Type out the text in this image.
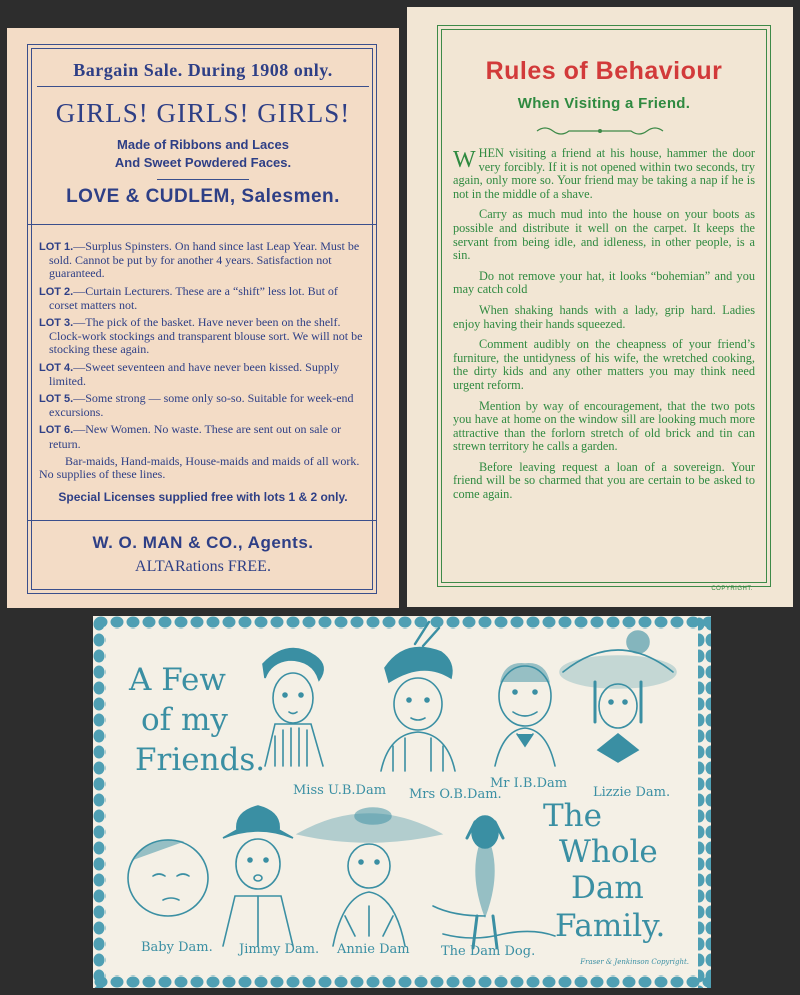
Bargain Sale. During 1908 only.
GIRLS! GIRLS! GIRLS!
Made of Ribbons and Laces
And Sweet Powdered Faces.
LOVE & CUDLEM, Salesmen.
LOT 1.—Surplus Spinsters. On hand since last Leap Year. Must be sold. Cannot be put by for another 4 years. Satisfaction not guaranteed.
LOT 2.—Curtain Lecturers. These are a “shift” less lot. But of corset matters not.
LOT 3.—The pick of the basket. Have never been on the shelf. Clock-work stockings and transparent blouse sort. We will not be stocking these again.
LOT 4.—Sweet seventeen and have never been kissed. Supply limited.
LOT 5.—Some strong — some only so-so. Suitable for week-end excursions.
LOT 6.—New Women. No waste. These are sent out on sale or return.
Bar-maids, Hand-maids, House-maids and maids of all work. No supplies of these lines.
Special Licenses supplied free with lots 1 & 2 only.
W. O. MAN & CO., Agents.
ALTARations FREE.
Rules of Behaviour
When Visiting a Friend.

WHEN visiting a friend at his house, hammer the door very forcibly. If it is not opened within two seconds, try again, only more so. Your friend may be taking a nap if he is not in the middle of a shave.

Carry as much mud into the house on your boots as possible and distribute it well on the carpet. It keeps the servant from being idle, and idleness, in other people, is a sin.

Do not remove your hat, it looks “bohemian” and you may catch cold

When shaking hands with a lady, grip hard. Ladies enjoy having their hands squeezed.

Comment audibly on the cheapness of your friend’s furniture, the untidyness of his wife, the wretched cooking, the dirty kids and any other matters you may think need urgent reform.

Mention by way of encouragement, that the two pots you have at home on the window sill are looking much more attractive than the forlorn stretch of old brick and tin can strewn territory he calls a garden.

Before leaving request a loan of a sovereign. Your friend will be so charmed that you are certain to be asked to come again.

COPYRIGHT.
A Few
of my
Friends.
Miss U.B.Dam Mrs O.B.Dam.
Mr I.B.Dam
Lizzie Dam.
Baby Dam. Jimmy Dam. Annie Dam The Dam Dog.
The
Whole
Dam
Family.
Fraser & Jenkinson Copyright.
